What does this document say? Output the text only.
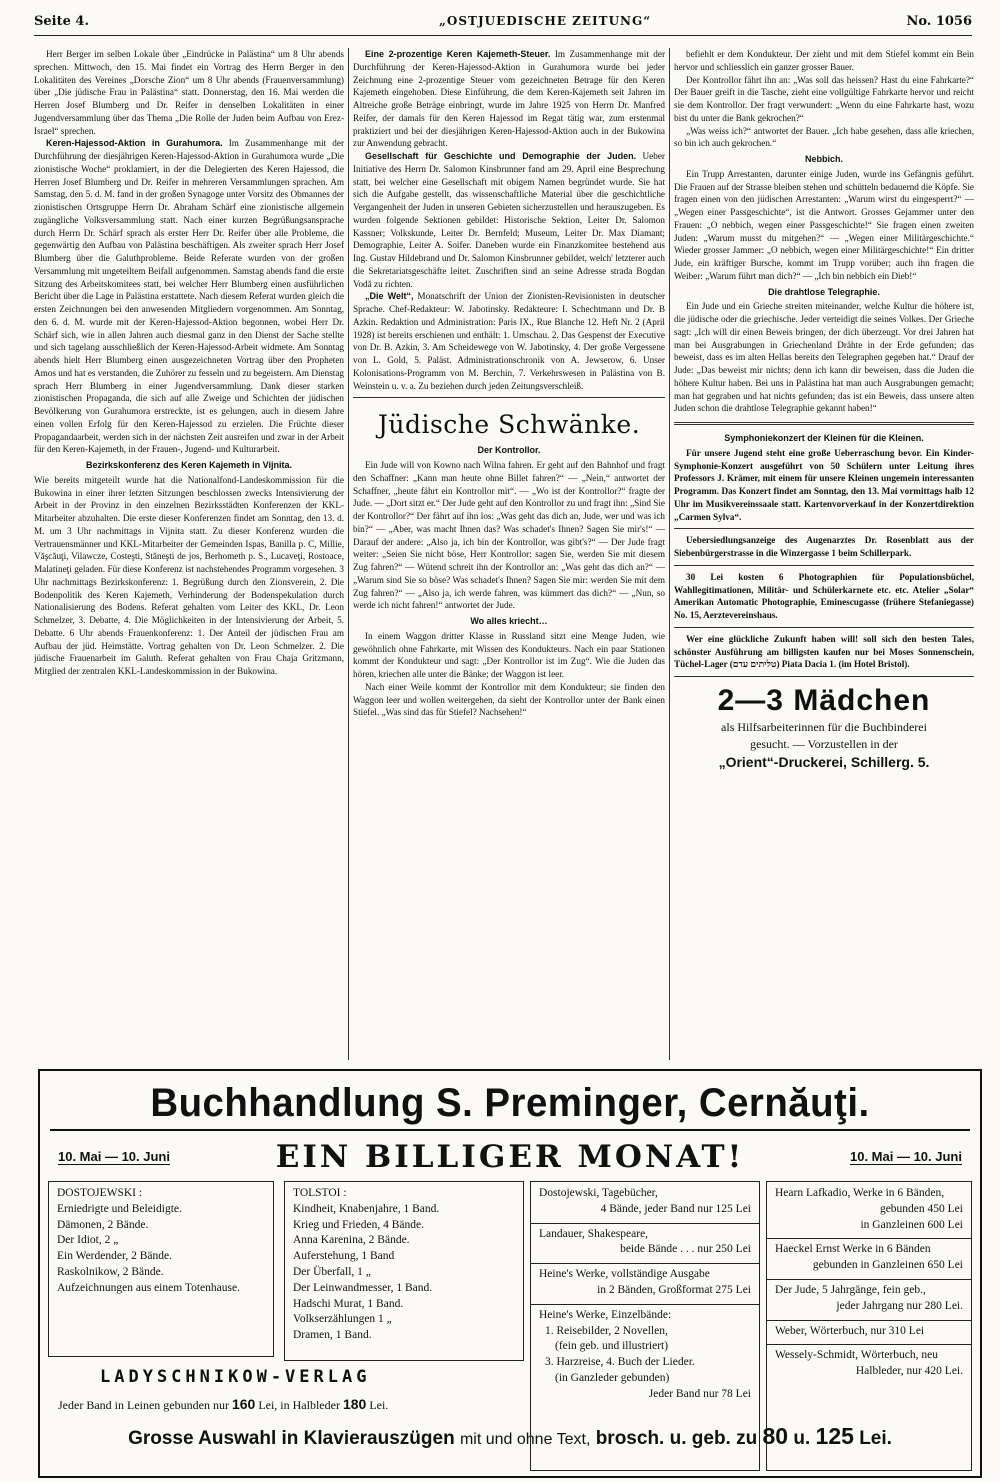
Seite 4.	„OSTJUEDISCHE ZEITUNG“	No. 1056

Herr Berger im selben Lokale über „Eindrücke in Palästina“ um 8 Uhr abends sprechen. Mittwoch, den 15. Mai findet ein Vortrag des Herrn Berger in den Lokalitäten des Vereines „Dorsche Zion“ um 8 Uhr abends (Frauenversammlung) über „Die jüdische Frau in Palästina“ statt. Donnerstag, den 16. Mai werden die Herren Josef Blumberg und Dr. Reifer in denselben Lokalitäten in einer Jugendversammlung über das Thema „Die Rolle der Juden beim Aufbau von Erez-Israel“ sprechen.

Keren-Hajessod-Aktion in Gurahumora. Im Zusammenhange mit der Durchführung der diesjährigen Keren-Hajessod-Aktion in Gurahumora wurde „Die zionistische Woche“ proklamiert, in der die Delegierten des Keren Hajessod, die Herren Josef Blumberg und Dr. Reifer in mehreren Versammlungen sprachen. Am Samstag, den 5. d. M. fand in der großen Synagoge unter Vorsitz des Obmannes der zionistischen Ortsgruppe Herrn Dr. Abraham Schärf eine zionistische allgemein zugängliche Volksversammlung statt. Nach einer kurzen Begrüßungsansprache durch Herrn Dr. Schärf sprach als erster Herr Dr. Reifer über alle Probleme, die gegenwärtig den Aufbau von Palästina beschäftigen. Als zweiter sprach Herr Josef Blumberg über die Galuthprobleme. Beide Referate wurden von der großen Versammlung mit ungeteiltem Beifall aufgenommen. Samstag abends fand die erste Sitzung des Arbeitskomitees statt, bei welcher Herr Blumberg einen ausführlichen Bericht über die Lage in Palästina erstattete. Nach diesem Referat wurden gleich die ersten Zeichnungen bei den anwesenden Mitgliedern vorgenommen. Am Sonntag, den 6. d. M. wurde mit der Keren-Hajessod-Aktion begonnen, wobei Herr Dr. Schärf sich, wie in allen Jahren auch diesmal ganz in den Dienst der Sache stellte und sich tagelang ausschließlich der Keren-Hajessod-Arbeit widmete. Am Sonntag abends hielt Herr Blumberg einen ausgezeichneten Vortrag über den Propheten Amos und hat es verstanden, die Zuhörer zu fesseln und zu begeistern. Am Dienstag sprach Herr Blumberg in einer Jugendversammlung. Dank dieser starken zionistischen Propaganda, die sich auf alle Zweige und Schichten der jüdischen Bevölkerung von Gurahumora erstreckte, ist es gelungen, auch in diesem Jahre einen vollen Erfolg für den Keren-Hajessod zu erzielen. Die Früchte dieser Propagandaarbeit, werden sich in der nächsten Zeit ausreifen und zwar in der Arbeit für den Keren-Kajemeth, in der Frauen-, Jugend- und Kulturarbeit.

Bezirkskonferenz des Keren Kajemeth in Vijnita.
Wie bereits mitgeteilt wurde hat die Nationalfond-Landeskommission für die Bukowina in einer ihrer letzten Sitzungen beschlossen zwecks Intensivierung der Arbeit in der Provinz in den einzelnen Bezirksstädten Konferenzen der KKL-Mitarbeiter abzuhalten. Die erste dieser Konferenzen findet am Sonntag, den 13. d. M. um 3 Uhr nachmittags in Vijnita statt. Zu dieser Konferenz wurden die Vertrauensmänner und KKL-Mitarbeiter der Gemeinden Ispas, Banilla p. C, Millie, Văşcăuţi, Vilawcze, Costeşti, Stăneşti de jos, Berhometh p. S., Lucaveţi, Rostoace, Malatineţi geladen. Für diese Konferenz ist nachstehendes Programm vorgesehen. 3 Uhr nachmittags Bezirkskonferenz: 1. Begrüßung durch den Zionsverein, 2. Die Bodenpolitik des Keren Kajemeth, Verhinderung der Bodenspekulation durch Nationalisierung des Bodens. Referat gehalten vom Leiter des KKL, Dr. Leon Schmelzer, 3. Debatte, 4. Die Möglichkeiten in der Intensivierung der Arbeit, 5. Debatte. 6 Uhr abends Frauenkonferenz: 1. Der Anteil der jüdischen Frau am Aufbau der jüd. Heimstätte. Vortrag gehalten von Dr. Leon Schmelzer. 2. Die jüdische Frauenarbeit im Galuth. Referat gehalten von Frau Chaja Gritzmann, Mitglied der zentralen KKL-Landeskommission in der Bukowina.

Eine 2-prozentige Keren Kajemeth-Steuer. Im Zusammenhange mit der Durchführung der Keren-Hajessod-Aktion in Gurahumora wurde bei jeder Zeichnung eine 2-prozentige Steuer vom gezeichneten Betrage für den Keren Kajemeth eingehoben. Diese Einführung, die dem Keren-Kajemeth seit Jahren im Altreiche große Beträge einbringt, wurde im Jahre 1925 von Herrn Dr. Manfred Reifer, der damals für den Keren Hajessod im Regat tätig war, zum erstenmal praktiziert und bei der diesjährigen Keren-Hajessod-Aktion auch in der Bukowina zur Anwendung gebracht.

Gesellschaft für Geschichte und Demographie der Juden. Ueber Initiative des Herrn Dr. Salomon Kinsbrunner fand am 29. April eine Besprechung statt, bei welcher eine Gesellschaft mit obigem Namen begründet wurde. Sie hat sich die Aufgabe gestellt, das wissenschaftliche Material über die geschichtliche Vergangenheit der Juden in unseren Gebieten sicherzustellen und herauszugeben. Es wurden folgende Sektionen gebildet: Historische Sektion, Leiter Dr. Salomon Kassner; Volkskunde, Leiter Dr. Bernfeld; Museum, Leiter Dr. Max Diamant; Demographie, Leiter A. Soifer. Daneben wurde ein Finanzkomitee bestehend aus Ing. Gustav Hildebrand und Dr. Salomon Kinsbrunner gebildet, welch' letzterer auch die Sekretariatsgeschäfte leitet. Zuschriften sind an seine Adresse strada Bogdan Vodă zu richten.

„Die Welt“, Monatschrift der Union der Zionisten-Revisionisten in deutscher Sprache. Chef-Redakteur: W. Jabotinsky. Redakteure: I. Schechtmann und Dr. B Azkin. Redaktion und Administration: Paris IX., Rue Blanche 12. Heft Nr. 2 (April 1928) ist bereits erschienen und enthält: 1. Umschau. 2. Das Gespenst der Executive von Dr. B. Azkin, 3. Am Scheidewege von W. Jabotinsky, 4. Der große Vergessene von L. Gold, 5. Paläst. Administrationschronik von A. Jewserow, 6. Unser Kolonisations-Programm von M. Berchin, 7. Verkehrswesen in Palästina von B. Weinstein u. v. a. Zu beziehen durch jeden Zeitungsverschleiß.

Jüdische Schwänke.
Der Kontrollor.

Ein Jude will von Kowno nach Wilna fahren. Er geht auf den Bahnhof und fragt den Schaffner: „Kann man heute ohne Billet fahren?“ — „Nein,“ antwortet der Schaffner, „heute fährt ein Kontrollor mit“. — „Wo ist der Kontrollor?“ fragte der Jude. — „Dort sitzt er.“ Der Jude geht auf den Kontrollor zu und fragt ihn: „Sind Sie der Kontrollor?“ Der fährt auf ihn los: „Was geht das dich an, Jude, wer und was ich bin?“ — „Aber, was macht Ihnen das? Was schadet's Ihnen? Sagen Sie mir's!“ — Darauf der andere: „Also ja, ich bin der Kontrollor, was gibt's?“ — Der Jude fragt weiter: „Seien Sie nicht böse, Herr Kontrollor: sagen Sie, werden Sie mit diesem Zug fahren?“ — Wütend schreit ihn der Kontrollor an: „Was geht das dich an?“ — „Warum sind Sie so böse? Was schadet's Ihnen? Sagen Sie mir: werden Sie mit dem Zug fahren?“ — „Also ja, ich werde fahren, was kümmert das dich?“ — „Nun, so werde ich nicht fahren!“ antwortet der Jude.

Wo alles kriecht…

In einem Waggon dritter Klasse in Russland sitzt eine Menge Juden, wie gewöhnlich ohne Fahrkarte, mit Wissen des Kondukteurs. Nach ein paar Stationen kommt der Kondukteur und sagt: „Der Kontrollor ist im Zug“. Wie die Juden das hören, kriechen alle unter die Bänke; der Waggon ist leer.

Nach einer Weile kommt der Kontrollor mit dem Kondukteur; sie finden den Waggon leer und wollen weitergehen, da sieht der Kontrollor unter der Bank einen Stiefel. „Was sind das für Stiefel? Nachsehen!“

befiehlt er dem Kondukteur. Der zieht und mit dem Stiefel kommt ein Bein hervor und schliesslich ein ganzer grosser Bauer.

Der Kontrollor fährt ihn an: „Was soll das heissen? Hast du eine Fahrkarte?“ Der Bauer greift in die Tasche, zieht eine vollgültige Fahrkarte hervor und reicht sie dem Kontrollor. Der fragt verwundert: „Wenn du eine Fahrkarte hast, wozu bist du unter die Bank gekrochen?“

„Was weiss ich?“ antwortet der Bauer. „Ich habe gesehen, dass alle kriechen, so bin ich auch gekrochen.“

Nebbich.

Ein Trupp Arrestanten, darunter einige Juden, wurde ins Gefängnis geführt. Die Frauen auf der Strasse bleiben stehen und schütteln bedauernd die Köpfe. Sie fragen einen von den jüdischen Arrestanten: „Warum wirst du eingesperrt?“ — „Wegen einer Passgeschichte“, ist die Antwort. Grosses Gejammer unter den Frauen: „O nebbich, wegen einer Passgeschichte!“ Sie fragen einen zweiten Juden: „Warum musst du mitgehen?“ — „Wegen einer Militärgeschichte.“ Wieder grosser Jammer: „O nebbich, wegen einer Militärgeschichte!“ Ein dritter Jude, ein kräftiger Bursche, kommt im Trupp vorüber; auch ihn fragen die Weiber: „Warum führt man dich?“ — „Ich bin nebbich ein Dieb!“

Die drahtlose Telegraphie.

Ein Jude und ein Grieche streiten miteinander, welche Kultur die höhere ist, die jüdische oder die griechische. Jeder verteidigt die seines Volkes. Der Grieche sagt: „Ich will dir einen Beweis bringen, der dich überzeugt. Vor drei Jahren hat man bei Ausgrabungen in Griechenland Drähte in der Erde gefunden; das beweist, dass es im alten Hellas bereits den Telegraphen gegeben hat.“ Drauf der Jude: „Das beweist mir nichts; denn ich kann dir beweisen, dass die Juden die höhere Kultur haben. Bei uns in Palästina hat man auch Ausgrabungen gemacht; man hat gegraben und hat nichts gefunden; das ist ein Beweis, dass unsere alten Juden schon die drahtlose Telegraphie gekannt haben!“

Symphoniekonzert der Kleinen für die Kleinen.

Für unsere Jugend steht eine große Ueberraschung bevor. Ein Kinder-Symphonie-Konzert ausgeführt von 50 Schülern unter Leitung ihres Professors J. Krämer, mit einem für unsere Kleinen ungemein interessanten Programm. Das Konzert findet am Sonntag, den 13. Mai vormittags halb 12 Uhr im Musikvereinssaale statt. Kartenvorverkauf in der Konzertdirektion „Carmen Sylva“.

Uebersiedlungsanzeige des Augenarztes Dr. Rosenblatt aus der Siebenbürgerstrasse in die Winzergasse 1 beim Schillerpark.

30 Lei kosten 6 Photographien für Populationsbüchel, Wahllegitimationen, Militär- und Schülerkarnete etc. etc. Atelier „Solar“ Amerikan Automatic Photographie, Eminescugasse (frühere Stefaniegasse) No. 15, Aerztevereinshaus.

Wer eine glückliche Zukunft haben will! soll sich den besten Tales, schönster Ausführung am billigsten kaufen nur bei Moses Sonnenschein, Tüchel-Lager (טליתים עדם) Piata Dacia 1. (im Hotel Bristol).

2—3 Mädchen
als Hilfsarbeiterinnen für die Buchbinderei
gesucht. — Vorzustellen in der
„Orient“-Druckerei, Schillerg. 5.
Buchhandlung S. Preminger, Cernăuţi.
10. Mai — 10. Juni	EIN BILLIGER MONAT!	10. Mai — 10. Juni
DOSTOJEWSKI :
Erniedrigte und Beleidigte.
Dämonen, 2 Bände.
Der Idiot, 2 „
Ein Werdender, 2 Bände.
Raskolnikow, 2 Bände.
Aufzeichnungen aus einem Totenhause.
TOLSTOI :
Kindheit, Knabenjahre, 1 Band.
Krieg und Frieden, 4 Bände.
Anna Karenina, 2 Bände.
Auferstehung, 1 Band
Der Überfall, 1 „
Der Leinwandmesser, 1 Band.
Hadschi Murat, 1 Band.
Volkserzählungen 1 „
Dramen, 1 Band.
Dostojewski, Tagebücher,
4 Bände, jeder Band nur 125 Lei
Landauer, Shakespeare,
beide Bände . . . nur 250 Lei
Heine's Werke, vollständige Ausgabe
in 2 Bänden, Großformat 275 Lei
Heine's Werke, Einzelbände:
1. Reisebilder, 2 Novellen,
(fein geb. und illustriert)
3. Harzreise, 4. Buch der Lieder.
(in Ganzleder gebunden)
Jeder Band nur 78 Lei
Hearn Lafkadio, Werke in 6 Bänden,
gebunden 450 Lei
in Ganzleinen 600 Lei
Haeckel Ernst Werke in 6 Bänden
gebunden in Ganzleinen 650 Lei
Der Jude, 5 Jahrgänge, fein geb.,
jeder Jahrgang nur 280 Lei.
Weber, Wörterbuch, nur 310 Lei
Wessely-Schmidt, Wörterbuch, neu
Halbleder, nur 420 Lei.
LADYSCHNIKOW-VERLAG
Jeder Band in Leinen gebunden nur 160 Lei, in Halbleder 180 Lei.
Grosse Auswahl in Klavierauszügen mit und ohne Text, brosch. u. geb. zu 80 u. 125 Lei.
